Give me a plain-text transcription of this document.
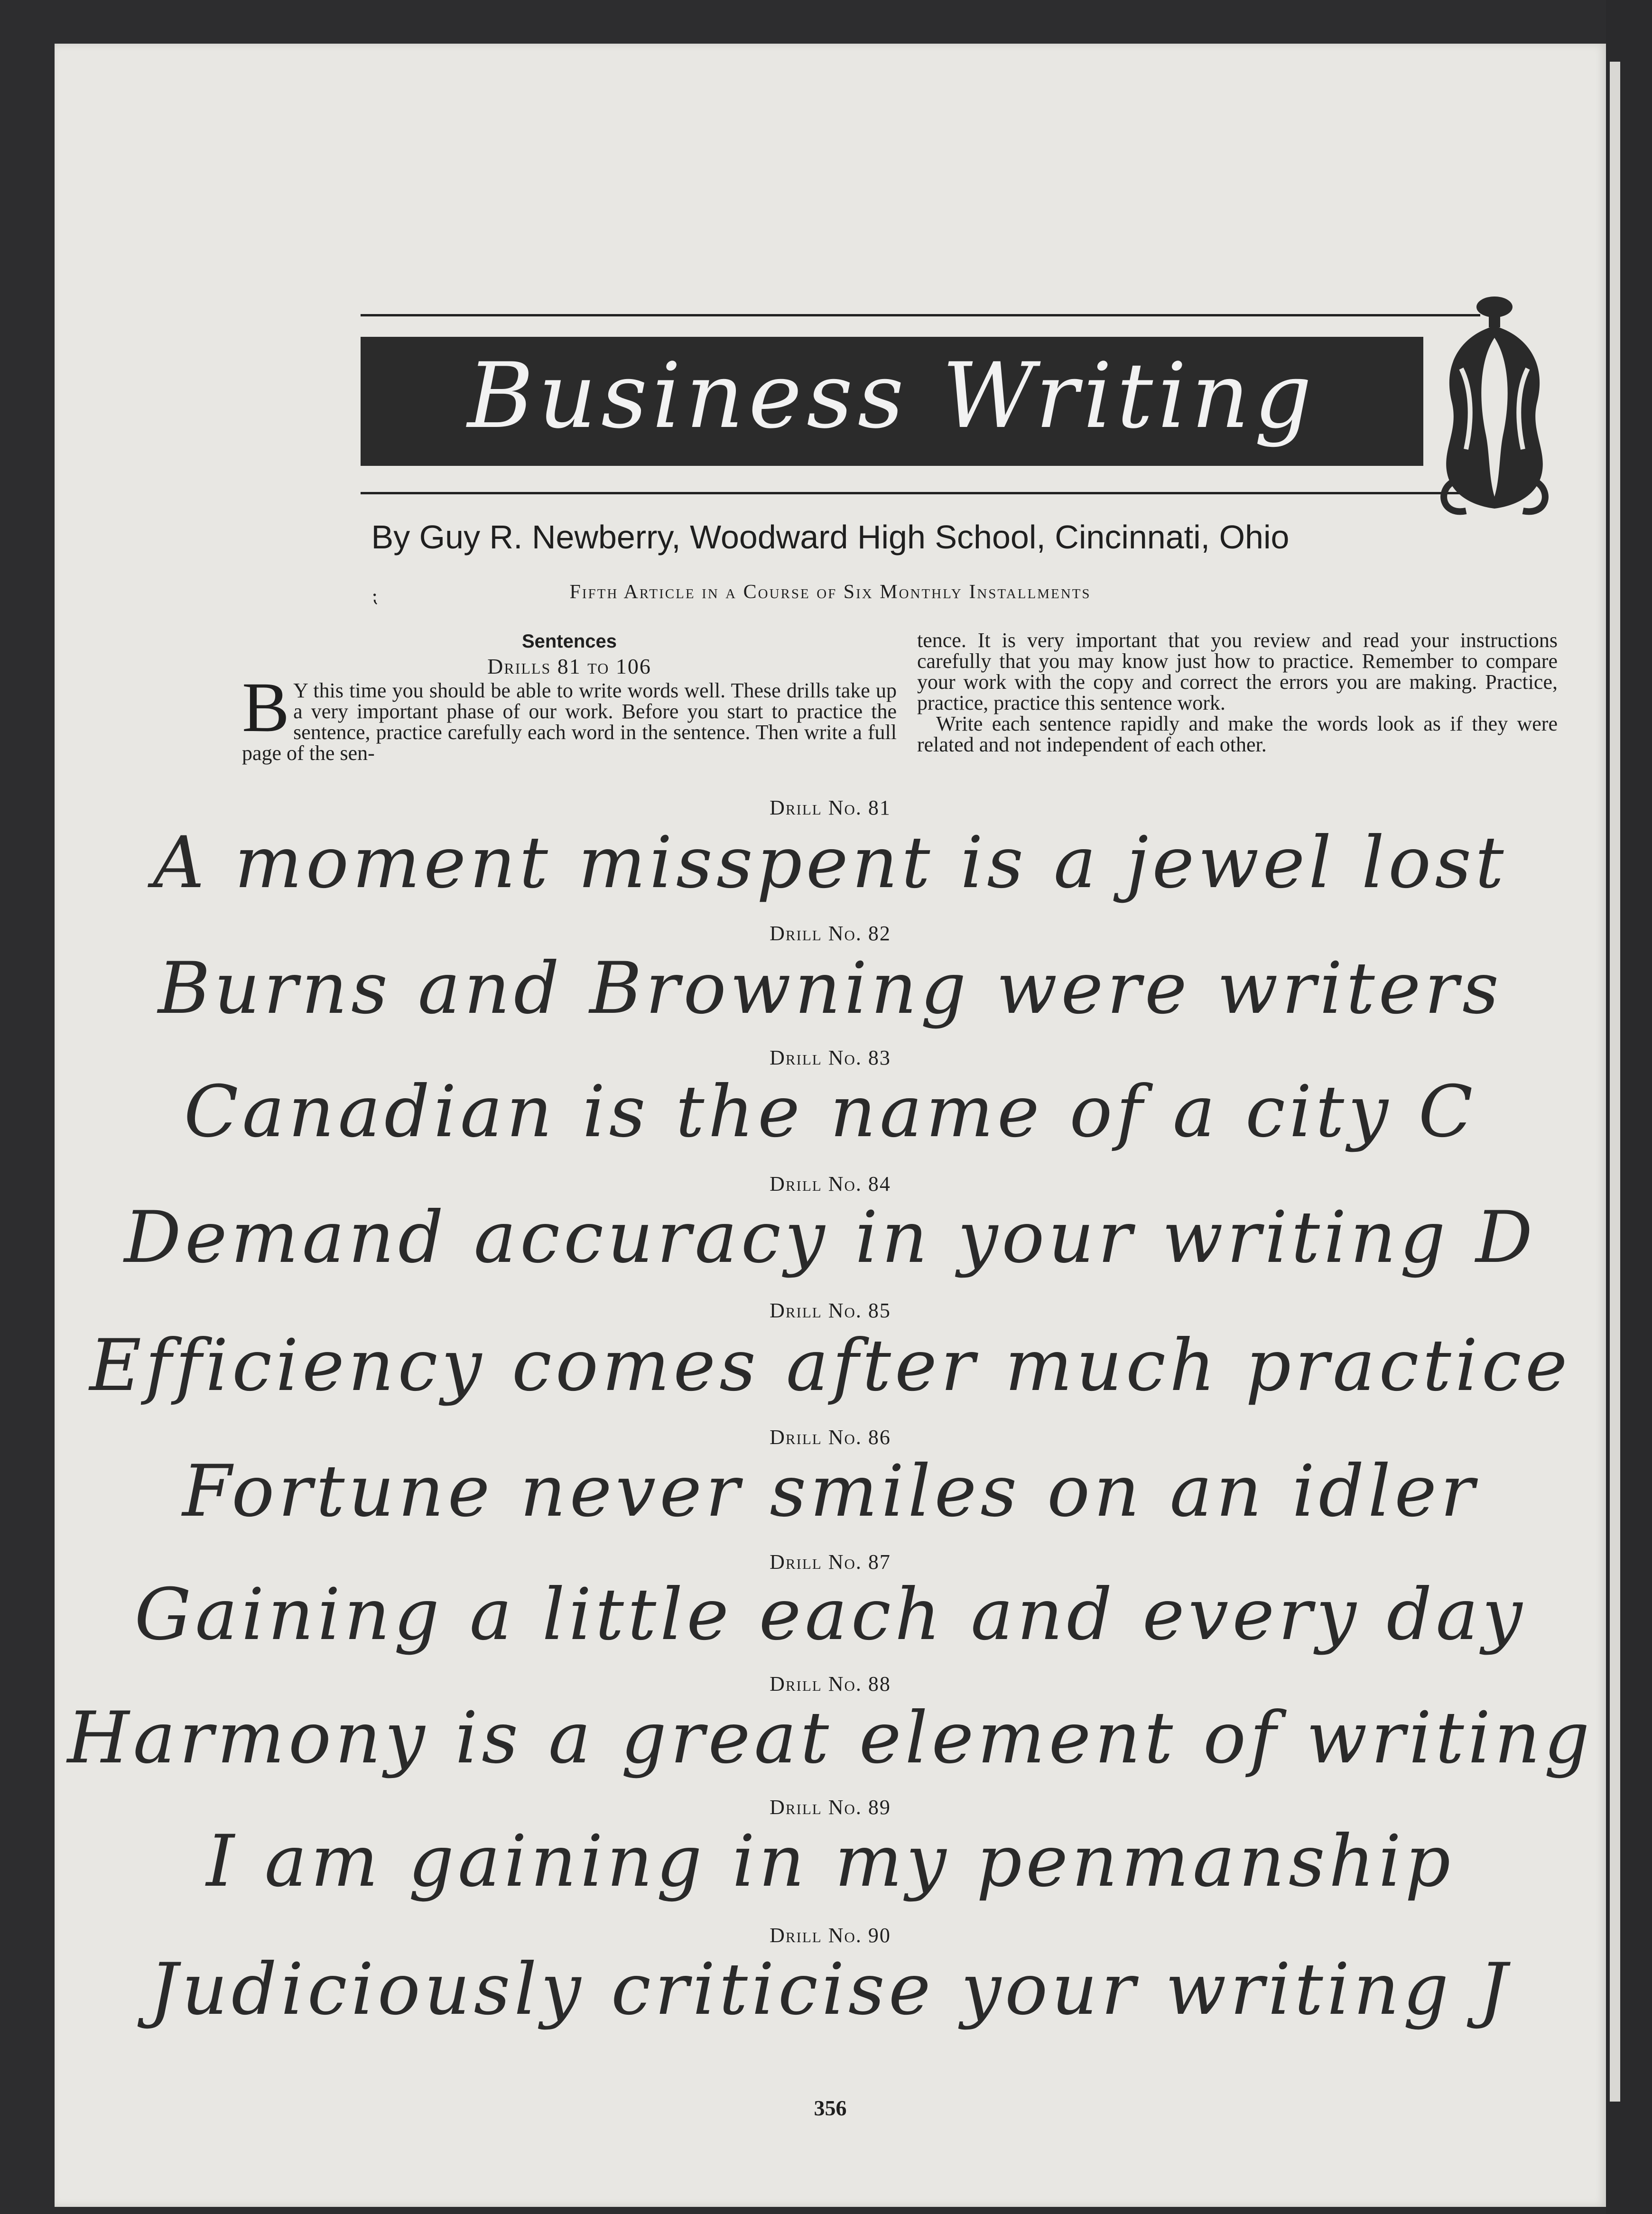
Business Writing
By Guy R. Newberry, Woodward High School, Cincinnati, Ohio
Fifth Article in a Course of Six Monthly Installments
⁏
Sentences
Drills 81 to 106

B Y this time you should be able to write words well. These drills take up a very important phase of our work. Before you start to practice the sentence, practice carefully each word in the sentence. Then write a full page of the sen-

tence. It is very important that you review and read your instructions carefully that you may know just how to practice. Remember to compare your work with the copy and correct the errors you are making. Practice, practice, practice this sentence work.

Write each sentence rapidly and make the words look as if they were related and not independent of each other.

Drill No. 81
A moment misspent is a jewel lost
Drill No. 82
Burns and Browning were writers
Drill No. 83
Canadian is the name of a city C
Drill No. 84
Demand accuracy in your writing D
Drill No. 85
Efficiency comes after much practice
Drill No. 86
Fortune never smiles on an idler
Drill No. 87
Gaining a little each and every day
Drill No. 88
Harmony is a great element of writing
Drill No. 89
I am gaining in my penmanship
Drill No. 90
Judiciously criticise your writing J
356
